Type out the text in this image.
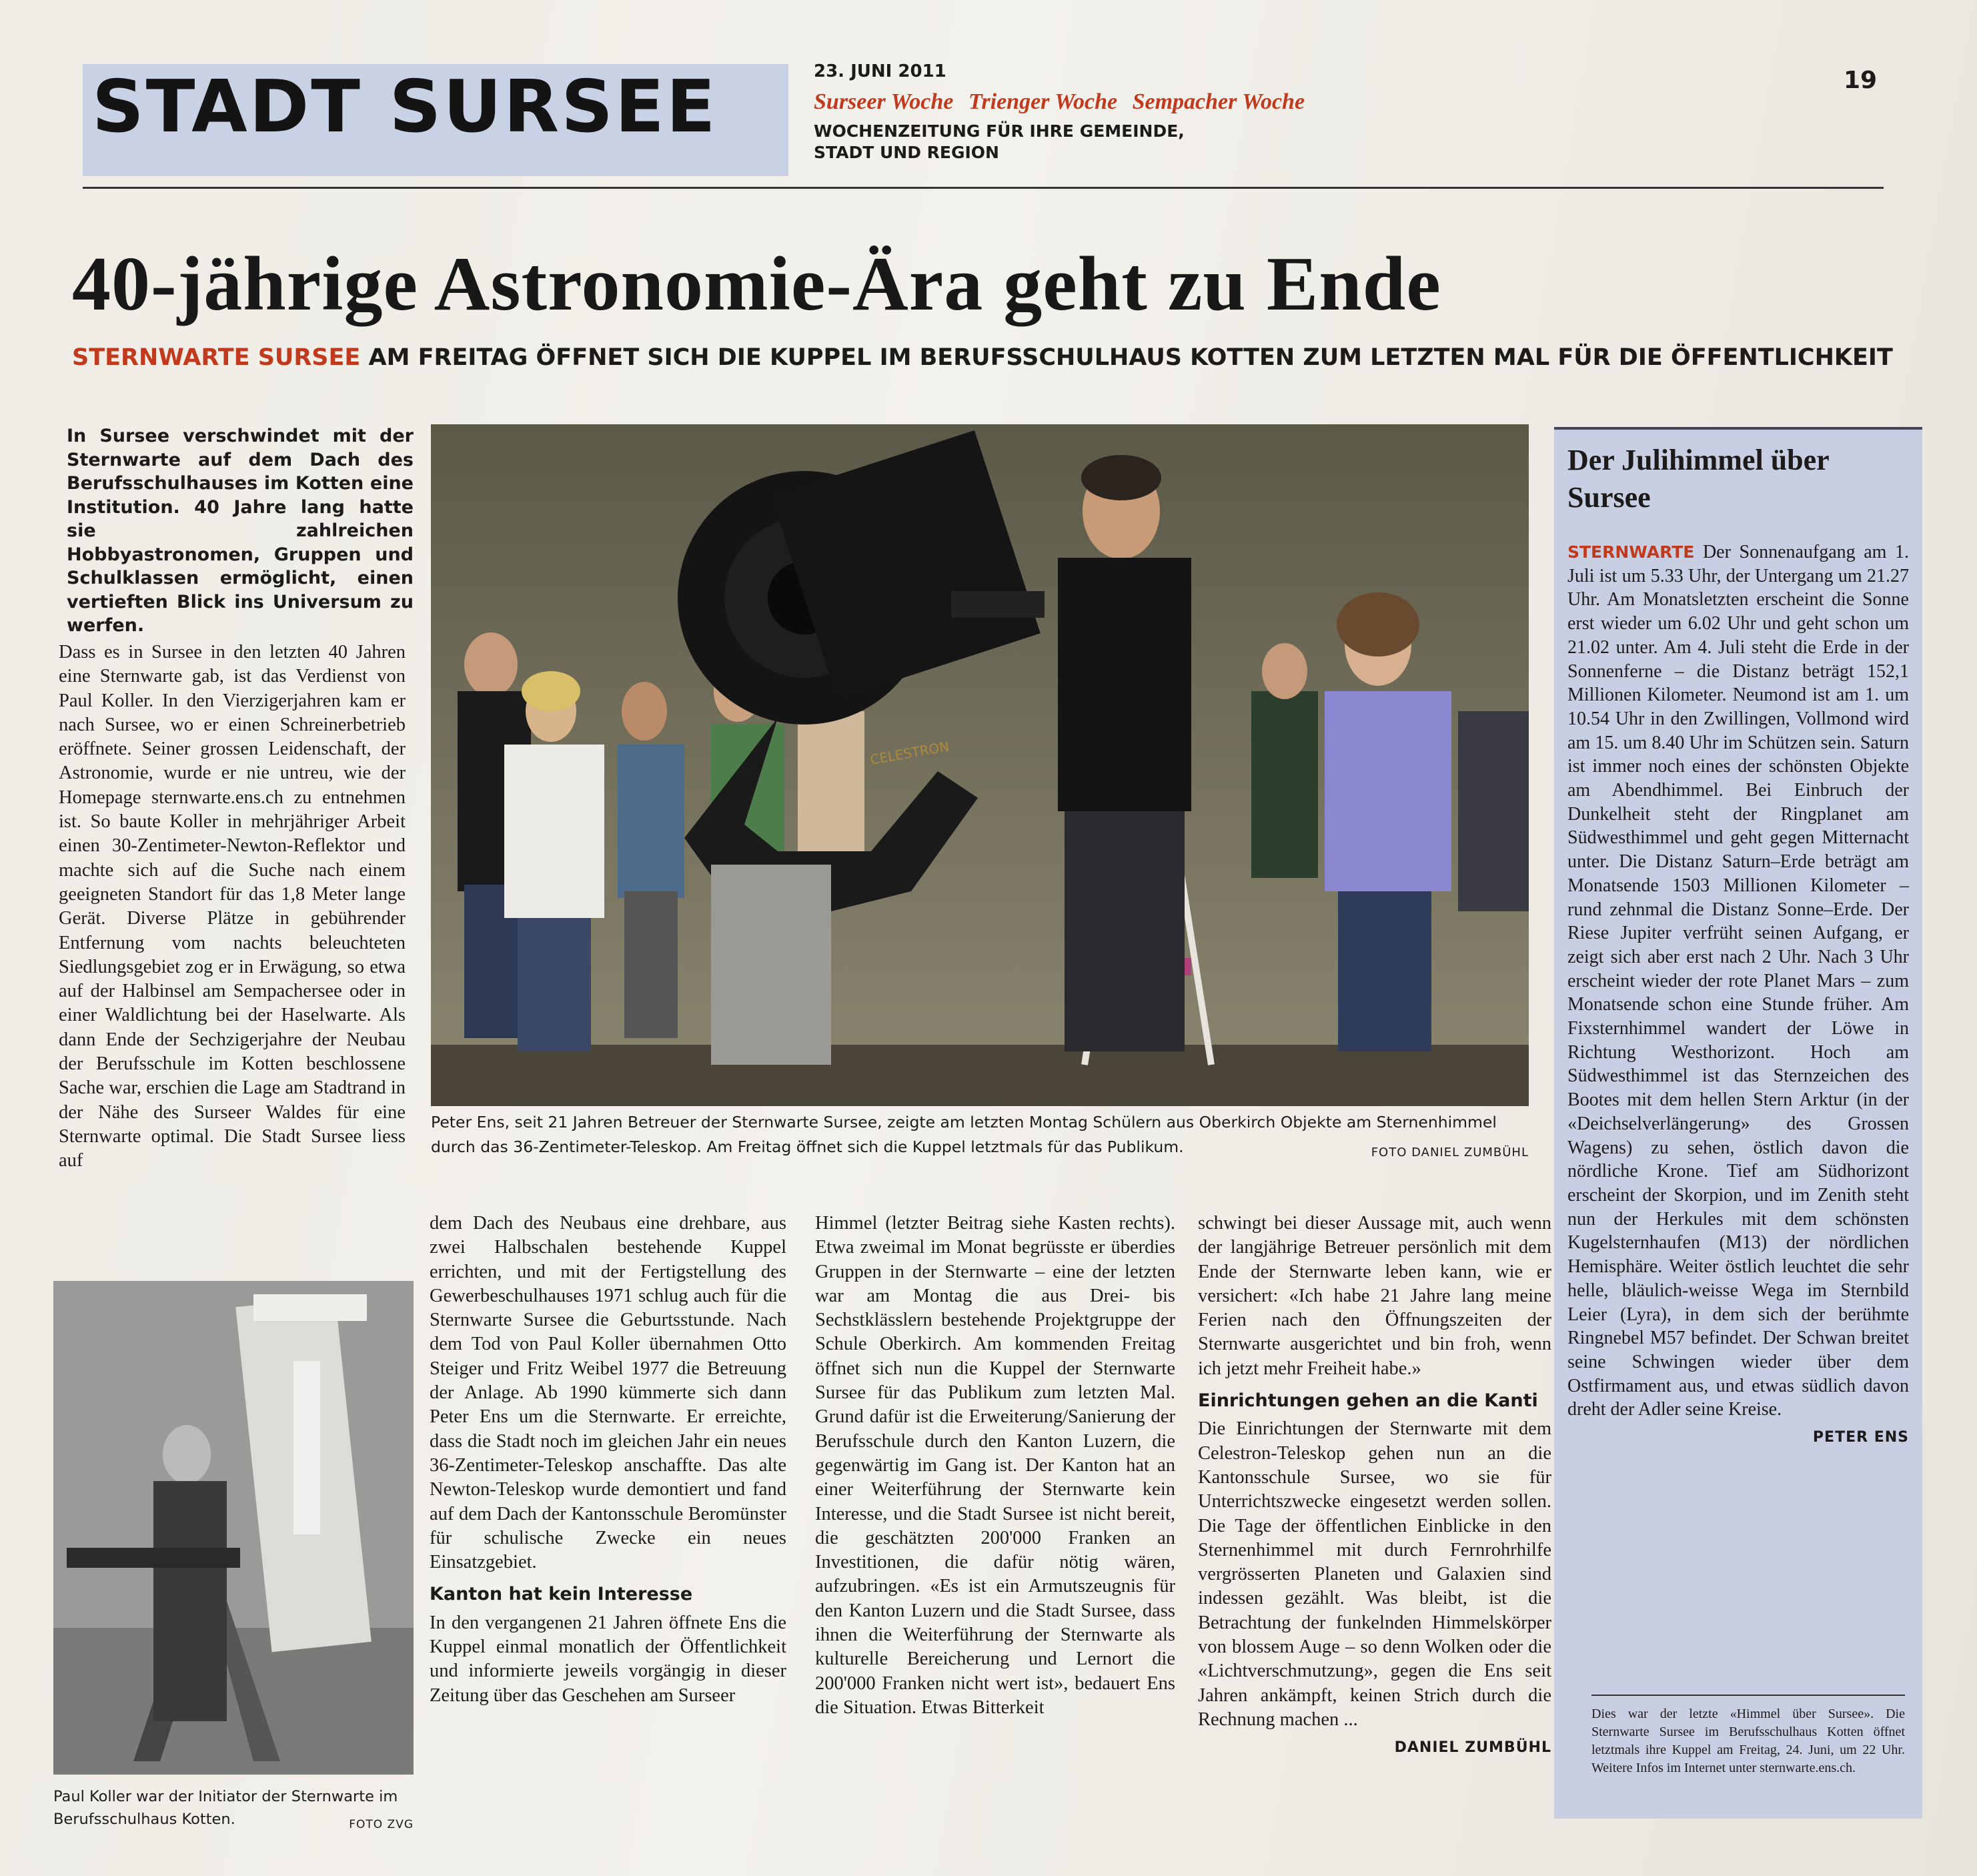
STADT SURSEE	23. JUNI 2011
Surseer Woche Trienger Woche Sempacher Woche
WOCHENZEITUNG FÜR IHRE GEMEINDE,
STADT UND REGION
19
40-jährige Astronomie-Ära geht zu Ende
STERNWARTE SURSEE AM FREITAG ÖFFNET SICH DIE KUPPEL IM BERUFSSCHULHAUS KOTTEN ZUM LETZTEN MAL FÜR DIE ÖFFENTLICHKEIT
In Sursee verschwindet mit der Sternwarte auf dem Dach des Berufsschulhauses im Kotten eine Institution. 40 Jahre lang hatte sie zahlreichen Hobbyastronomen, Gruppen und Schulklassen ermöglicht, einen vertieften Blick ins Universum zu werfen.
Dass es in Sursee in den letzten 40 Jahren eine Sternwarte gab, ist das Verdienst von Paul Koller. In den Vierzigerjahren kam er nach Sursee, wo er einen Schreinerbetrieb eröffnete. Seiner grossen Leidenschaft, der Astronomie, wurde er nie untreu, wie der Homepage sternwarte.ens.ch zu entnehmen ist. So baute Koller in mehrjähriger Arbeit einen 30-Zentimeter-Newton-Reflektor und machte sich auf die Suche nach einem geeigneten Standort für das 1,8 Meter lange Gerät. Diverse Plätze in gebührender Entfernung vom nachts beleuchteten Siedlungsgebiet zog er in Erwägung, so etwa auf der Halbinsel am Sempachersee oder in einer Waldlichtung bei der Haselwarte. Als dann Ende der Sechzigerjahre der Neubau der Berufsschule im Kotten beschlossene Sache war, erschien die Lage am Stadtrand in der Nähe des Surseer Waldes für eine Sternwarte optimal. Die Stadt Sursee liess auf
CELESTRON
Peter Ens, seit 21 Jahren Betreuer der Sternwarte Sursee, zeigte am letzten Montag Schülern aus Oberkirch Objekte am Sternenhimmel durch das 36-Zentimeter-Teleskop. Am Freitag öffnet sich die Kuppel letztmals für das Publikum.	FOTO DANIEL ZUMBÜHL
dem Dach des Neubaus eine drehbare, aus zwei Halbschalen bestehende Kuppel errichten, und mit der Fertigstellung des Gewerbeschulhauses 1971 schlug auch für die Sternwarte Sursee die Geburtsstunde. Nach dem Tod von Paul Koller übernahmen Otto Steiger und Fritz Weibel 1977 die Betreuung der Anlage. Ab 1990 kümmerte sich dann Peter Ens um die Sternwarte. Er erreichte, dass die Stadt noch im gleichen Jahr ein neues 36-Zentimeter-Teleskop anschaffte. Das alte Newton-Teleskop wurde demontiert und fand auf dem Dach der Kantonsschule Beromünster für schulische Zwecke ein neues Einsatzgebiet.
Kanton hat kein Interesse
In den vergangenen 21 Jahren öffnete Ens die Kuppel einmal monatlich der Öffentlichkeit und informierte jeweils vorgängig in dieser Zeitung über das Geschehen am Surseer
Himmel (letzter Beitrag siehe Kasten rechts). Etwa zweimal im Monat begrüsste er überdies Gruppen in der Sternwarte – eine der letzten war am Montag die aus Drei- bis Sechstklässlern bestehende Projektgruppe der Schule Oberkirch. Am kommenden Freitag öffnet sich nun die Kuppel der Sternwarte Sursee für das Publikum zum letzten Mal. Grund dafür ist die Erweiterung/Sanierung der Berufsschule durch den Kanton Luzern, die gegenwärtig im Gang ist. Der Kanton hat an einer Weiterführung der Sternwarte kein Interesse, und die Stadt Sursee ist nicht bereit, die geschätzten 200'000 Franken an Investitionen, die dafür nötig wären, aufzubringen. «Es ist ein Armutszeugnis für den Kanton Luzern und die Stadt Sursee, dass ihnen die Weiterführung der Sternwarte als kulturelle Bereicherung und Lernort die 200'000 Franken nicht wert ist», bedauert Ens die Situation. Etwas Bitterkeit
schwingt bei dieser Aussage mit, auch wenn der langjährige Betreuer persönlich mit dem Ende der Sternwarte leben kann, wie er versichert: «Ich habe 21 Jahre lang meine Ferien nach den Öffnungszeiten der Sternwarte ausgerichtet und bin froh, wenn ich jetzt mehr Freiheit habe.»
Einrichtungen gehen an die Kanti
Die Einrichtungen der Sternwarte mit dem Celestron-Teleskop gehen nun an die Kantonsschule Sursee, wo sie für Unterrichtszwecke eingesetzt werden sollen. Die Tage der öffentlichen Einblicke in den Sternenhimmel mit durch Fernrohrhilfe vergrösserten Planeten und Galaxien sind indessen gezählt. Was bleibt, ist die Betrachtung der funkelnden Himmelskörper von blossem Auge – so denn Wolken oder die «Lichtverschmutzung», gegen die Ens seit Jahren ankämpft, keinen Strich durch die Rechnung machen ...
DANIEL ZUMBÜHL
Paul Koller war der Initiator der Sternwarte im Berufsschulhaus Kotten.	FOTO ZVG
Der Julihimmel über Sursee
STERNWARTE Der Sonnenaufgang am 1. Juli ist um 5.33 Uhr, der Untergang um 21.27 Uhr. Am Monatsletzten erscheint die Sonne erst wieder um 6.02 Uhr und geht schon um 21.02 unter. Am 4. Juli steht die Erde in der Sonnenferne – die Distanz beträgt 152,1 Millionen Kilometer. Neumond ist am 1. um 10.54 Uhr in den Zwillingen, Vollmond wird am 15. um 8.40 Uhr im Schützen sein. Saturn ist immer noch eines der schönsten Objekte am Abendhimmel. Bei Einbruch der Dunkelheit steht der Ringplanet am Südwesthimmel und geht gegen Mitternacht unter. Die Distanz Saturn–Erde beträgt am Monatsende 1503 Millionen Kilometer – rund zehnmal die Distanz Sonne–Erde. Der Riese Jupiter verfrüht seinen Aufgang, er zeigt sich aber erst nach 2 Uhr. Nach 3 Uhr erscheint wieder der rote Planet Mars – zum Monatsende schon eine Stunde früher. Am Fixsternhimmel wandert der Löwe in Richtung Westhorizont. Hoch am Südwesthimmel ist das Sternzeichen des Bootes mit dem hellen Stern Arktur (in der «Deichselverlängerung» des Grossen Wagens) zu sehen, östlich davon die nördliche Krone. Tief am Südhorizont erscheint der Skorpion, und im Zenith steht nun der Herkules mit dem schönsten Kugelsternhaufen (M13) der nördlichen Hemisphäre. Weiter östlich leuchtet die sehr helle, bläulich-weisse Wega im Sternbild Leier (Lyra), in dem sich der berühmte Ringnebel M57 befindet. Der Schwan breitet seine Schwingen wieder über dem Ostfirmament aus, und etwas südlich davon dreht der Adler seine Kreise.
PETER ENS
Dies war der letzte «Himmel über Sursee». Die Sternwarte Sursee im Berufsschulhaus Kotten öffnet letztmals ihre Kuppel am Freitag, 24. Juni, um 22 Uhr. Weitere Infos im Internet unter sternwarte.ens.ch.
